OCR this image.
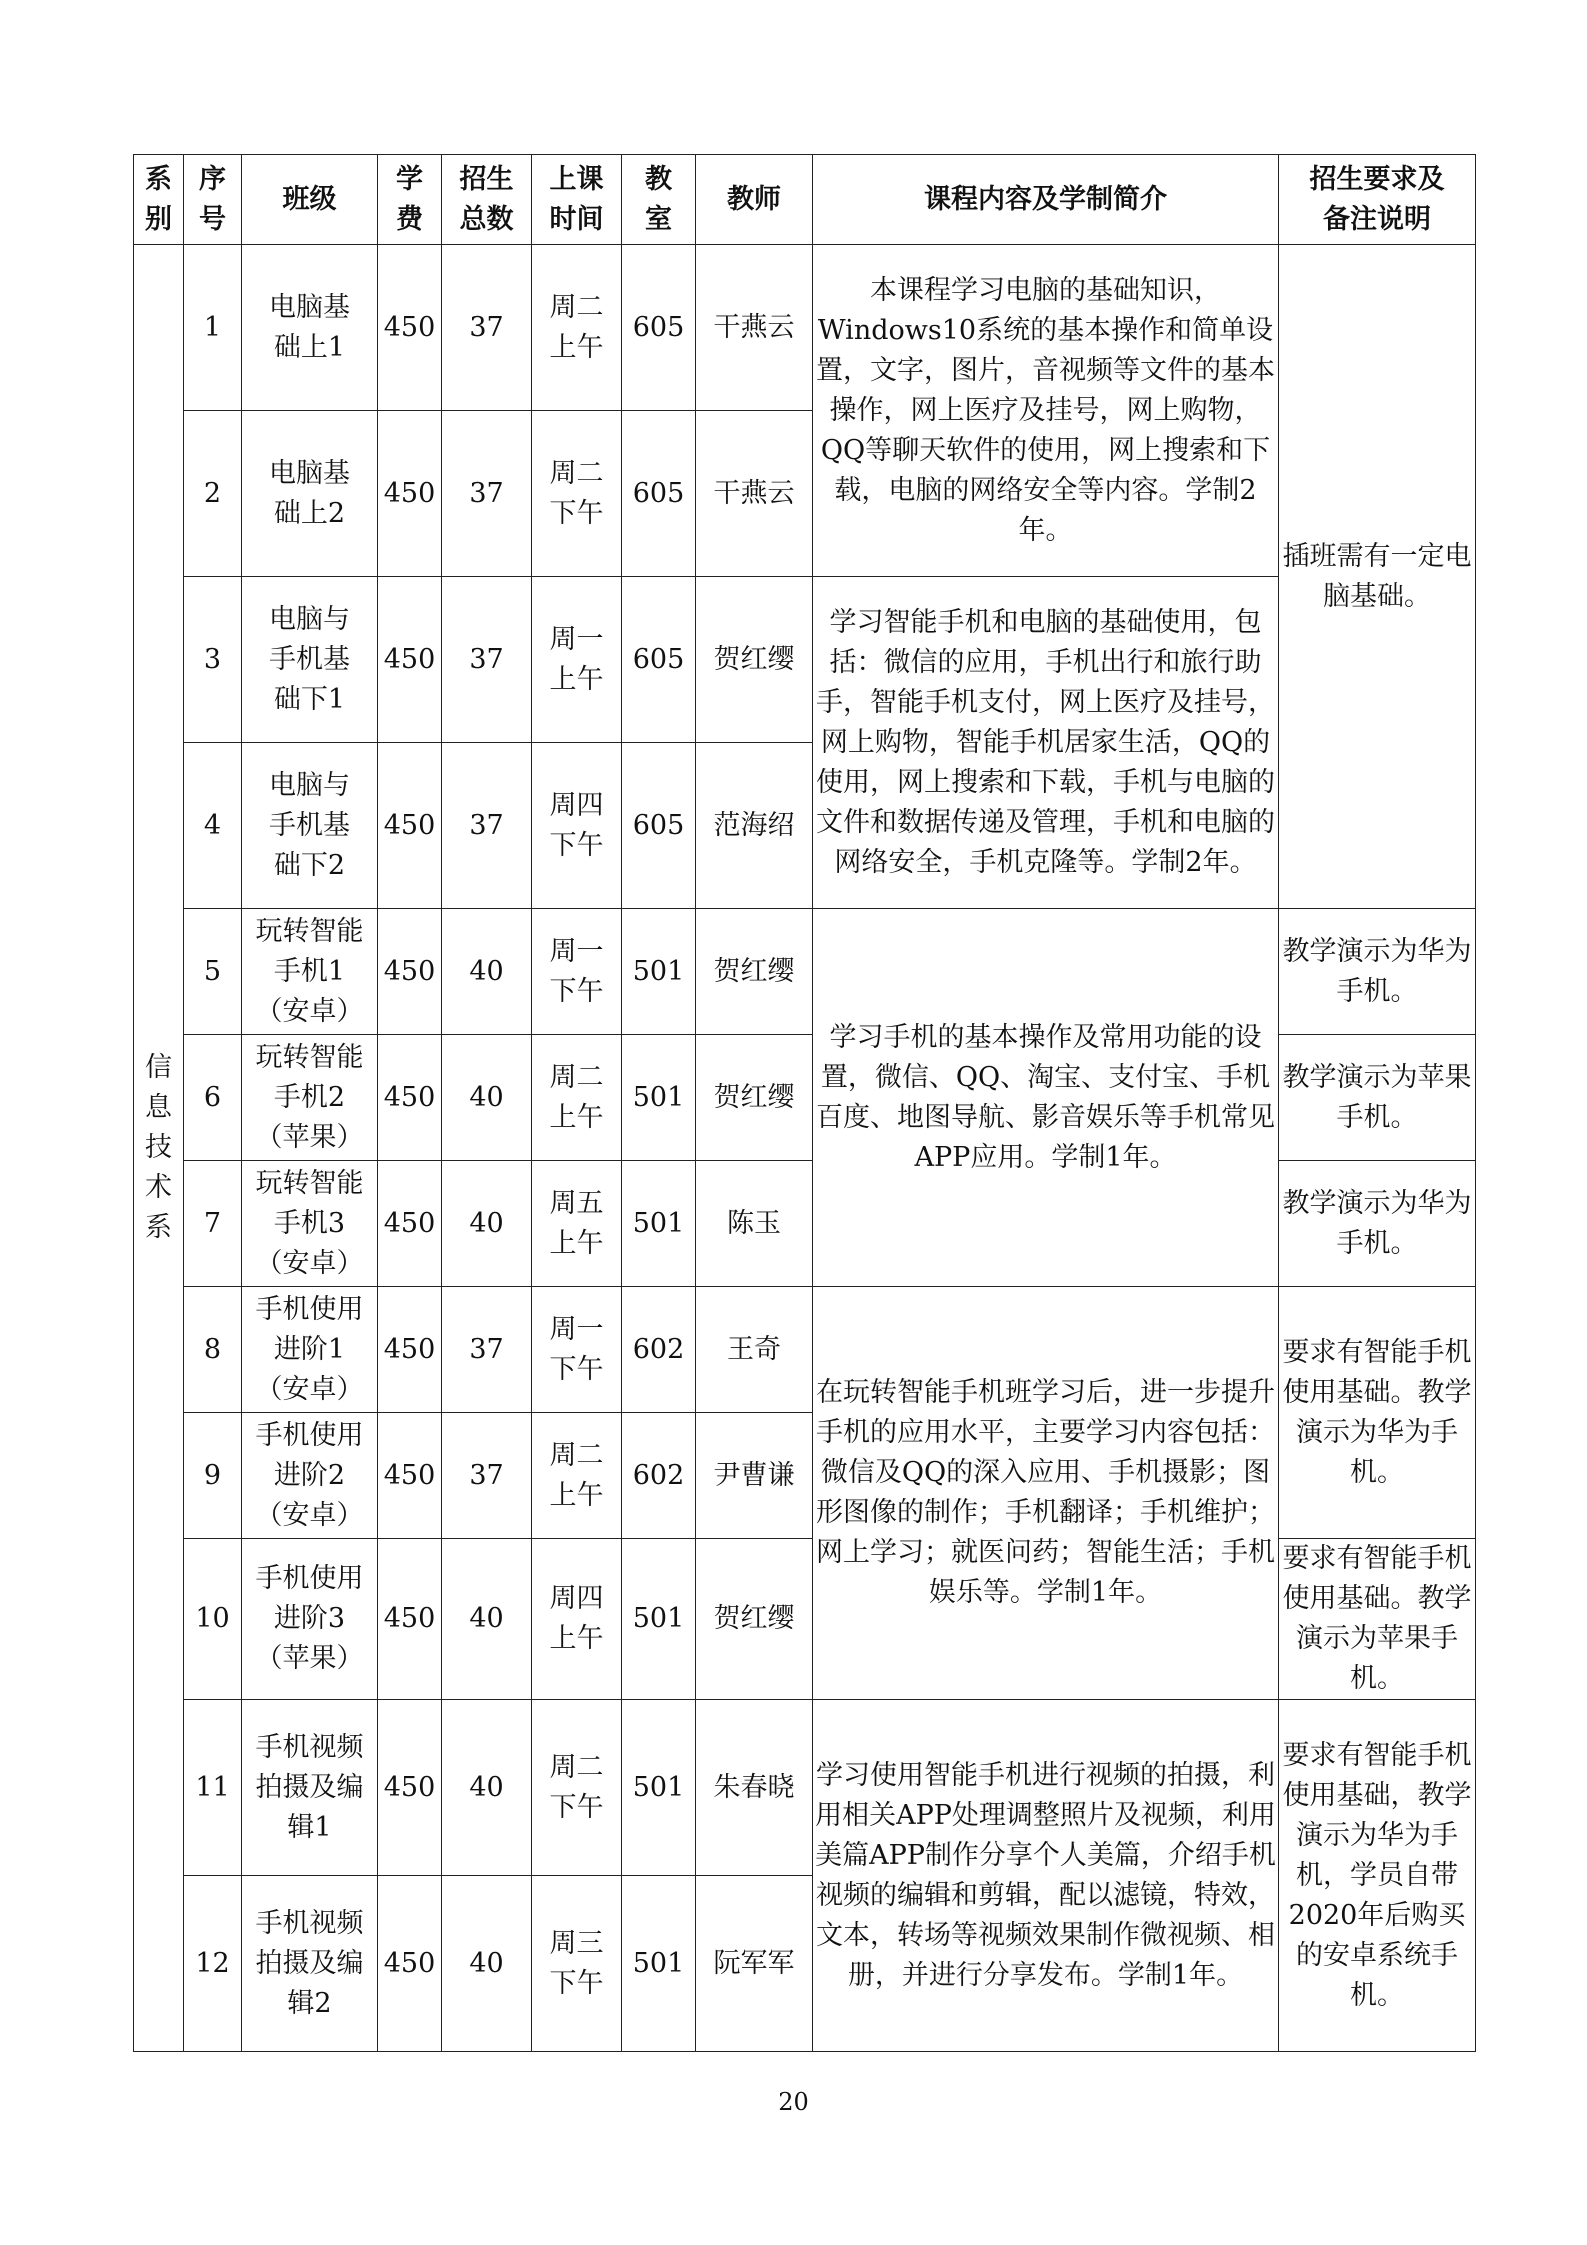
系别	序号	班级	学费	招生总数	上课时间	教室	教师	课程内容及学制简介	招生要求及备注说明
信息技术系	1	电脑基础上1	450	37	周二上午	605	干燕云	本课程学习电脑的基础知识，Windows10系统的基本操作和简单设置，文字，图片，音视频等文件的基本操作，网上医疗及挂号，网上购物，QQ等聊天软件的使用，网上搜索和下载，电脑的网络安全等内容。学制2年。	插班需有一定电脑基础。
	2	电脑基础上2	450	37	周二下午	605	干燕云		
	3	电脑与手机基础下1	450	37	周一上午	605	贺红缨	学习智能手机和电脑的基础使用，包括：微信的应用，手机出行和旅行助手，智能手机支付，网上医疗及挂号，网上购物，智能手机居家生活，QQ的使用，网上搜索和下载，手机与电脑的文件和数据传递及管理，手机和电脑的网络安全，手机克隆等。学制2年。	
	4	电脑与手机基础下2	450	37	周四下午	605	范海绍		
	5	玩转智能手机1（安卓）	450	40	周一下午	501	贺红缨	学习手机的基本操作及常用功能的设置，微信、QQ、淘宝、支付宝、手机百度、地图导航、影音娱乐等手机常见APP应用。学制1年。	教学演示为华为手机。
	6	玩转智能手机2（苹果）	450	40	周二上午	501	贺红缨		教学演示为苹果手机。
	7	玩转智能手机3（安卓）	450	40	周五上午	501	陈玉		教学演示为华为手机。
	8	手机使用进阶1（安卓）	450	37	周一下午	602	王奇	在玩转智能手机班学习后，进一步提升手机的应用水平，主要学习内容包括：微信及QQ的深入应用、手机摄影；图形图像的制作；手机翻译；手机维护；网上学习；就医问药；智能生活；手机娱乐等。学制1年。	要求有智能手机使用基础。教学演示为华为手机。
	9	手机使用进阶2（安卓）	450	37	周二上午	602	尹曹谦		
	10	手机使用进阶3（苹果）	450	40	周四上午	501	贺红缨		要求有智能手机使用基础。教学演示为苹果手机。
	11	手机视频拍摄及编辑1	450	40	周二下午	501	朱春晓	学习使用智能手机进行视频的拍摄，利用相关APP处理调整照片及视频，利用美篇APP制作分享个人美篇，介绍手机视频的编辑和剪辑，配以滤镜，特效，文本，转场等视频效果制作微视频、相册，并进行分享发布。学制1年。	要求有智能手机使用基础，教学演示为华为手机，学员自带2020年后购买的安卓系统手机。
	12	手机视频拍摄及编辑2	450	40	周三下午	501	阮军军		
20
